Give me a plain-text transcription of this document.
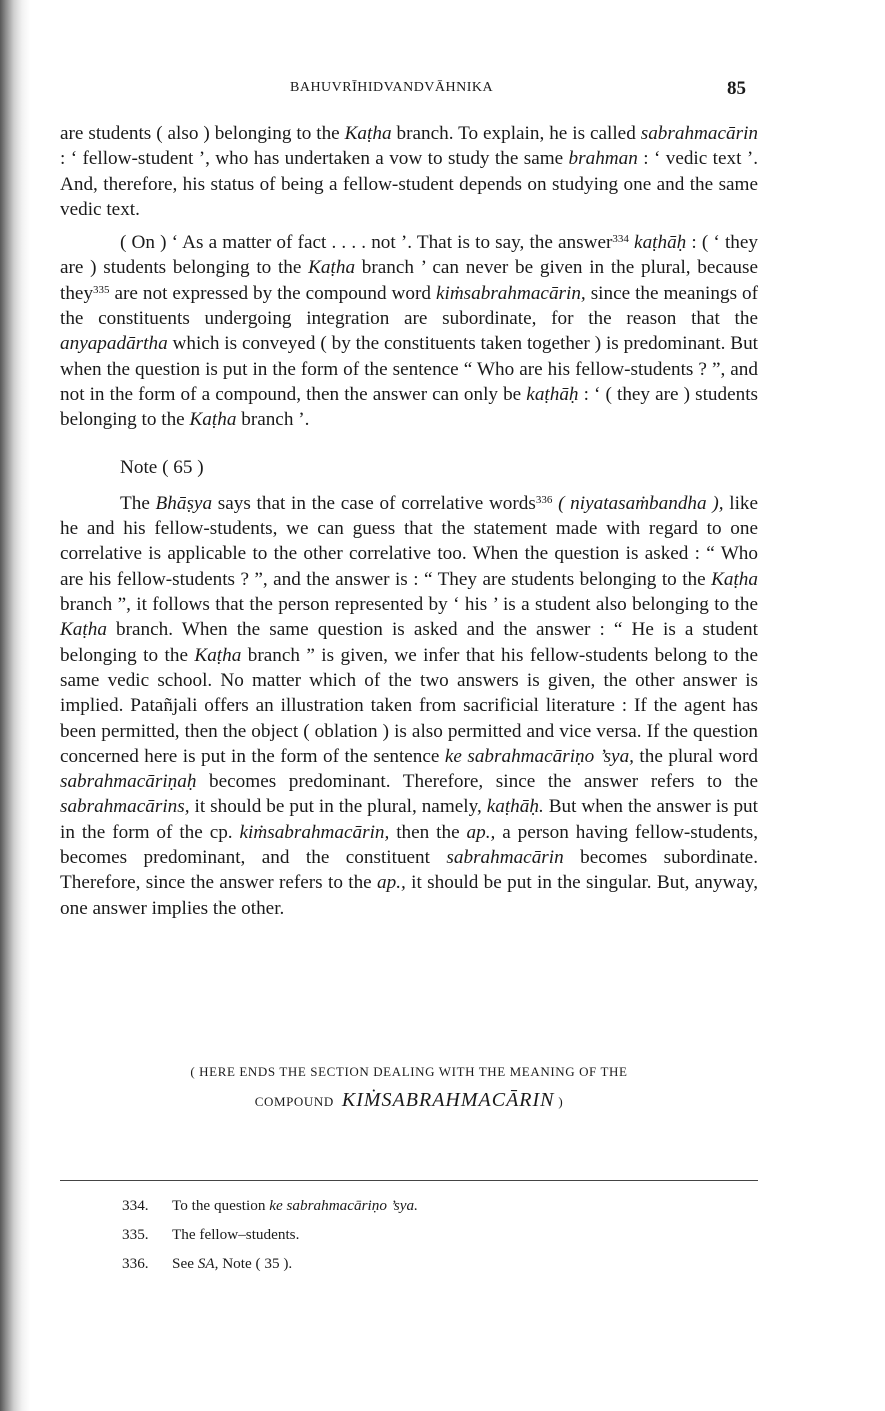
BAHUVRĪHIDVANDVĀHNIKA	85

are students ( also ) belonging to the Kaṭha branch. To explain, he is called sabrahmacārin : ‘ fellow-student ’, who has undertaken a vow to study the same brahman : ‘ vedic text ’. And, therefore, his status of being a fellow-student depends on studying one and the same vedic text.

( On ) ‘ As a matter of fact . . . . not ’. That is to say, the answer$^{334}$ kaṭhāḥ : ( ‘ they are ) students belonging to the Kaṭha branch ’ can never be given in the plural, because they$^{335}$ are not expressed by the compound word kiṁsabrahmacārin, since the meanings of the constituents undergoing integration are subordinate, for the reason that the anyapadārtha which is conveyed ( by the constituents taken together ) is predominant. But when the question is put in the form of the sentence “ Who are his fellow-students ? ”, and not in the form of a compound, then the answer can only be kaṭhāḥ : ‘ ( they are ) students belonging to the Kaṭha branch ’.

Note ( 65 )

The Bhāṣya says that in the case of correlative words$^{336}$ ( niyatasaṁbandha ), like he and his fellow-students, we can guess that the statement made with regard to one correlative is applicable to the other correlative too. When the question is asked : “ Who are his fellow-students ? ”, and the answer is : “ They are students belonging to the Kaṭha branch ”, it follows that the person represented by ‘ his ’ is a student also belonging to the Kaṭha branch. When the same question is asked and the answer : “ He is a student belonging to the Kaṭha branch ” is given, we infer that his fellow-students belong to the same vedic school. No matter which of the two answers is given, the other answer is implied. Patañjali offers an illustration taken from sacrificial literature : If the agent has been permitted, then the object ( oblation ) is also permitted and vice versa. If the question concerned here is put in the form of the sentence ke sabrahmacāriṇo ’sya, the plural word sabrahmacāriṇaḥ becomes predominant. Therefore, since the answer refers to the sabrahmacārins, it should be put in the plural, namely, kaṭhāḥ. But when the answer is put in the form of the cp. kiṁsabrahmacārin, then the ap., a person having fellow-students, becomes predominant, and the constituent sabrahmacārin becomes subordinate. Therefore, since the answer refers to the ap., it should be put in the singular. But, anyway, one answer implies the other.

( HERE ENDS THE SECTION DEALING WITH THE MEANING OF THE
COMPOUND KIṀSABRAHMACĀRIN )
334. To the question ke sabrahmacāriṇo ’sya.
335. The fellow–students.
336. See SA, Note ( 35 ).
